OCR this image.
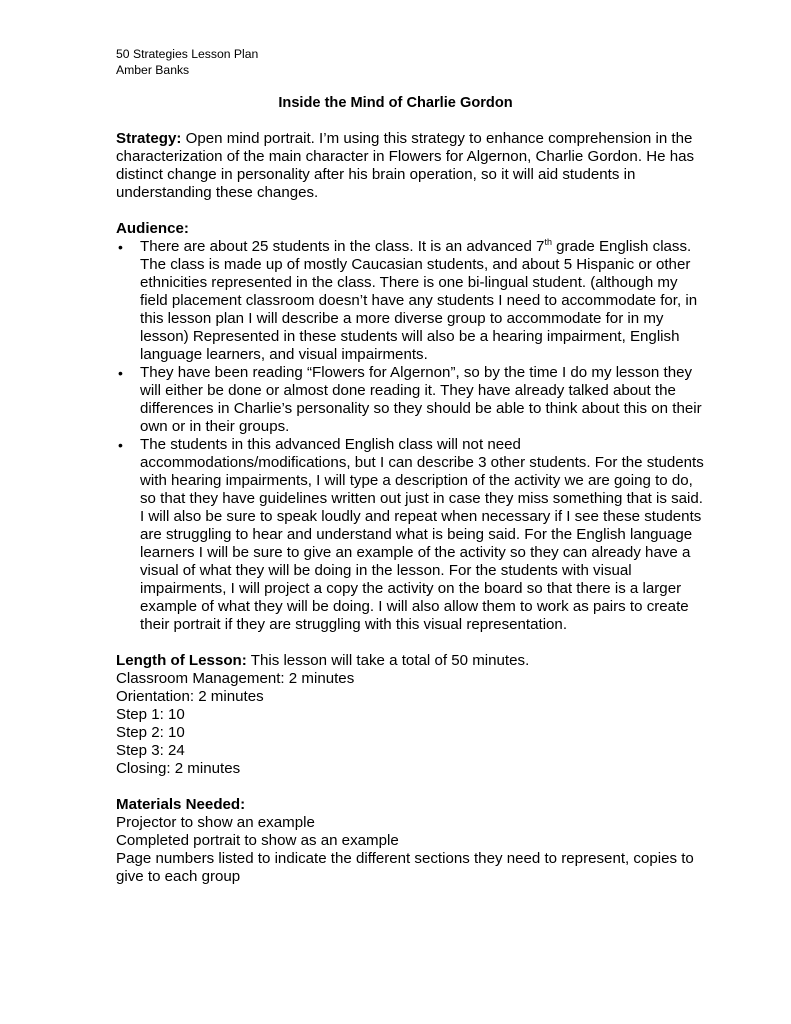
50 Strategies Lesson Plan
Amber Banks
Inside the Mind of Charlie Gordon

Strategy: Open mind portrait. I’m using this strategy to enhance comprehension in the characterization of the main character in Flowers for Algernon, Charlie Gordon. He has distinct change in personality after his brain operation, so it will aid students in understanding these changes.

Audience:

• There are about 25 students in the class. It is an advanced 7th grade English class. The class is made up of mostly Caucasian students, and about 5 Hispanic or other ethnicities represented in the class. There is one bi-lingual student. (although my field placement classroom doesn’t have any students I need to accommodate for, in this lesson plan I will describe a more diverse group to accommodate for in my lesson) Represented in these students will also be a hearing impairment, English language learners, and visual impairments.
• They have been reading “Flowers for Algernon”, so by the time I do my lesson they will either be done or almost done reading it. They have already talked about the differences in Charlie’s personality so they should be able to think about this on their own or in their groups.
• The students in this advanced English class will not need accommodations/modifications, but I can describe 3 other students. For the students with hearing impairments, I will type a description of the activity we are going to do, so that they have guidelines written out just in case they miss something that is said. I will also be sure to speak loudly and repeat when necessary if I see these students are struggling to hear and understand what is being said. For the English language learners I will be sure to give an example of the activity so they can already have a visual of what they will be doing in the lesson. For the students with visual impairments, I will project a copy the activity on the board so that there is a larger example of what they will be doing. I will also allow them to work as pairs to create their portrait if they are struggling with this visual representation.

Length of Lesson: This lesson will take a total of 50 minutes.

Classroom Management: 2 minutes

Orientation: 2 minutes

Step 1: 10

Step 2: 10

Step 3: 24

Closing: 2 minutes

Materials Needed:

Projector to show an example

Completed portrait to show as an example

Page numbers listed to indicate the different sections they need to represent, copies to give to each group
